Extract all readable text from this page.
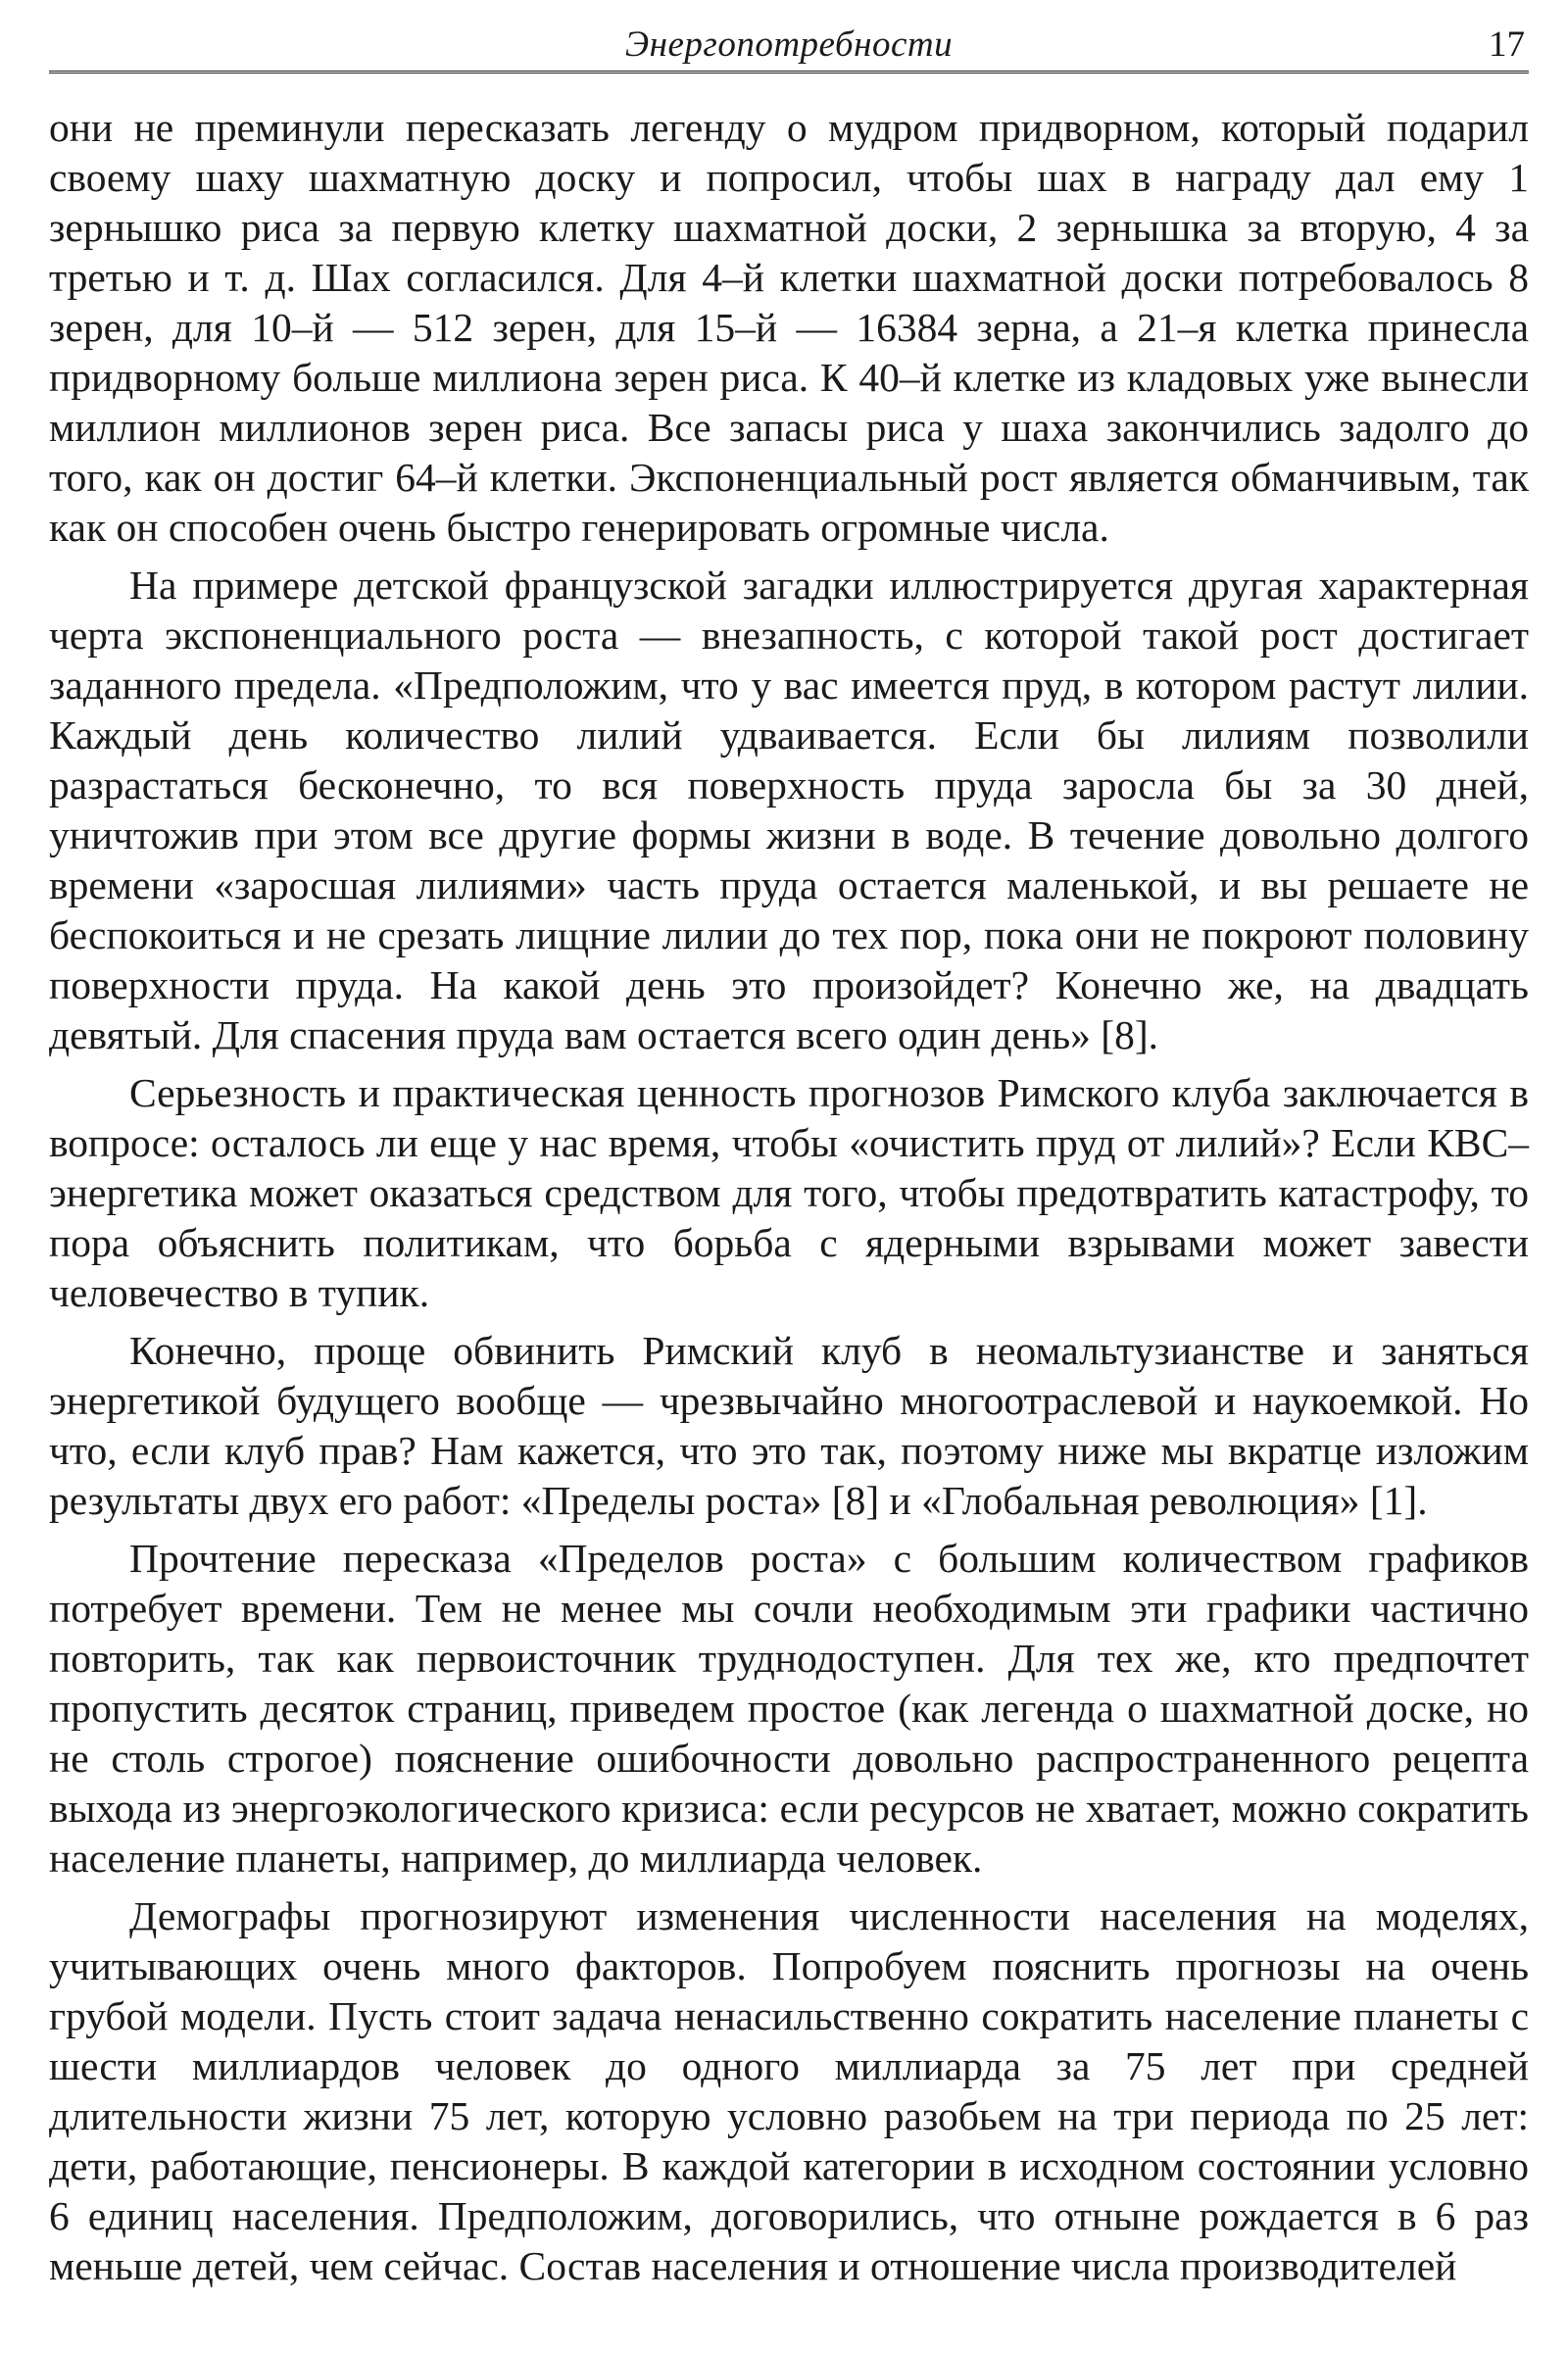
Энергопотребности	17

они не преминули пересказать легенду о мудром придворном, который подарил своему шаху шахматную доску и попросил, чтобы шах в награду дал ему 1 зернышко риса за первую клетку шахматной доски, 2 зернышка за вторую, 4 за третью и т. д. Шах согласился. Для 4–й клетки шахматной доски потребовалось 8 зерен, для 10–й — 512 зерен, для 15–й — 16384 зерна, а 21–я клетка принесла придворному больше миллиона зерен риса. К 40–й клетке из кладовых уже вынесли миллион миллионов зерен риса. Все запасы риса у шаха закончились задолго до того, как он достиг 64–й клетки. Экспоненциальный рост является обманчивым, так как он способен очень быстро генерировать огромные числа.

На примере детской французской загадки иллюстрируется другая характерная черта экспоненциального роста — внезапность, с которой такой рост достигает заданного предела. «Предположим, что у вас имеется пруд, в котором растут лилии. Каждый день количество лилий удваивается. Если бы лилиям позволили разрастаться бесконечно, то вся поверхность пруда заросла бы за 30 дней, уничтожив при этом все другие формы жизни в воде. В течение довольно долгого времени «заросшая лилиями» часть пруда остается маленькой, и вы решаете не беспокоиться и не срезать лищние лилии до тех пор, пока они не покроют половину поверхности пруда. На какой день это произойдет? Конечно же, на двадцать девятый. Для спасения пруда вам остается всего один день» [8].

Серьезность и практическая ценность прогнозов Римского клуба заключается в вопросе: осталось ли еще у нас время, чтобы «очистить пруд от лилий»? Если КВС–энергетика может оказаться средством для того, чтобы предотвратить катастрофу, то пора объяснить политикам, что борьба с ядерными взрывами может завести человечество в тупик.

Конечно, проще обвинить Римский клуб в неомальтузианстве и заняться энергетикой будущего вообще — чрезвычайно многоотраслевой и наукоемкой. Но что, если клуб прав? Нам кажется, что это так, поэтому ниже мы вкратце изложим результаты двух его работ: «Пределы роста» [8] и «Глобальная революция» [1].

Прочтение пересказа «Пределов роста» с большим количеством графиков потребует времени. Тем не менее мы сочли необходимым эти графики частично повторить, так как первоисточник труднодоступен. Для тех же, кто предпочтет пропустить десяток страниц, приведем простое (как легенда о шахматной доске, но не столь строгое) пояснение ошибочности довольно распространенного рецепта выхода из энергоэкологического кризиса: если ресурсов не хватает, можно сократить население планеты, например, до миллиарда человек.

Демографы прогнозируют изменения численности населения на моделях, учитывающих очень много факторов. Попробуем пояснить прогнозы на очень грубой модели. Пусть стоит задача ненасильственно сократить население планеты с шести миллиардов человек до одного миллиарда за 75 лет при средней длительности жизни 75 лет, которую условно разобьем на три периода по 25 лет: дети, работающие, пенсионеры. В каждой категории в исходном состоянии условно 6 единиц населения. Предположим, договорились, что отныне рождается в 6 раз меньше детей, чем сейчас. Состав населения и отношение числа производителей
